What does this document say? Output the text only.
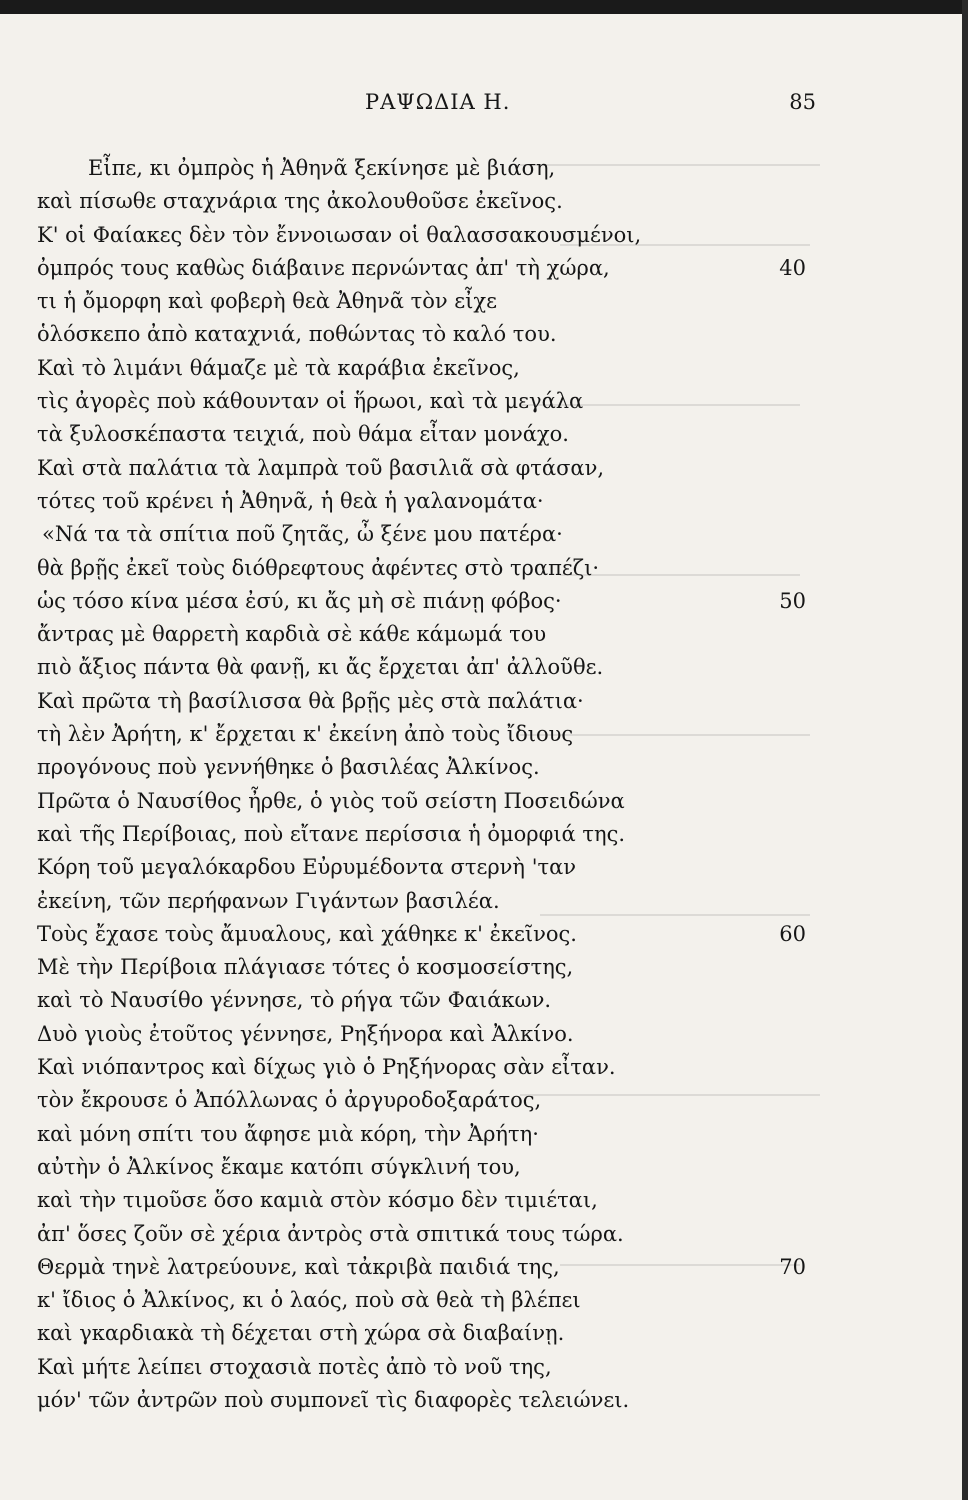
ΡΑΨΩΔΙΑ Η.	85
Εἶπε, κι ὀμπρὸς ἡ Ἀθηνᾶ ξεκίνησε μὲ βιάση,
καὶ πίσωθε σταχνάρια της ἀκολουθοῦσε ἐκεῖνος.
Κ' οἱ Φαίακες δὲν τὸν ἔννοιωσαν οἱ θαλασσακουσμένοι,
ὀμπρός τους καθὼς διάβαινε περνώντας ἀπ' τὴ χώρα,	40
τι ἡ ὄμορφη καὶ φοβερὴ θεὰ Ἀθηνᾶ τὸν εἶχε
ὁλόσκεπο ἀπὸ καταχνιά, ποθώντας τὸ καλό του.
Καὶ τὸ λιμάνι θάμαζε μὲ τὰ καράβια ἐκεῖνος,
τὶς ἀγορὲς ποὺ κάθουνταν οἱ ἥρωοι, καὶ τὰ μεγάλα
τὰ ξυλοσκέπαστα τειχιά, ποὺ θάμα εἶταν μονάχο.
Καὶ στὰ παλάτια τὰ λαμπρὰ τοῦ βασιλιᾶ σὰ φτάσαν,
τότες τοῦ κρένει ἡ Ἀθηνᾶ, ἡ θεὰ ἡ γαλανομάτα·
«Νά τα τὰ σπίτια ποῦ ζητᾶς, ὦ ξένε μου πατέρα·
θὰ βρῇς ἐκεῖ τοὺς διόθρεφτους ἀφέντες στὸ τραπέζι·
ὡς τόσο κίνα μέσα ἐσύ, κι ἄς μὴ σὲ πιάνῃ φόβος·	50
ἄντρας μὲ θαρρετὴ καρδιὰ σὲ κάθε κάμωμά του
πιὸ ἄξιος πάντα θὰ φανῇ, κι ἄς ἔρχεται ἀπ' ἀλλοῦθε.
Καὶ πρῶτα τὴ βασίλισσα θὰ βρῇς μὲς στὰ παλάτια·
τὴ λὲν Ἀρήτη, κ' ἔρχεται κ' ἐκείνη ἀπὸ τοὺς ἴδιους
προγόνους ποὺ γεννήθηκε ὁ βασιλέας Ἀλκίνος.
Πρῶτα ὁ Ναυσίθος ἦρθε, ὁ γιὸς τοῦ σείστη Ποσειδώνα
καὶ τῆς Περίβοιας, ποὺ εἴτανε περίσσια ἡ ὀμορφιά της.
Κόρη τοῦ μεγαλόκαρδου Εὐρυμέδοντα στερνὴ 'ταν
ἐκείνη, τῶν περήφανων Γιγάντων βασιλέα.
Τοὺς ἔχασε τοὺς ἄμυαλους, καὶ χάθηκε κ' ἐκεῖνος.	60
Μὲ τὴν Περίβοια πλάγιασε τότες ὁ κοσμοσείστης,
καὶ τὸ Ναυσίθο γέννησε, τὸ ρήγα τῶν Φαιάκων.
Δυὸ γιοὺς ἐτοῦτος γέννησε, Ρηξήνορα καὶ Ἀλκίνο.
Καὶ νιόπαντρος καὶ δίχως γιὸ ὁ Ρηξήνορας σὰν εἶταν.
τὸν ἔκρουσε ὁ Ἀπόλλωνας ὁ ἀργυροδοξαράτος,
καὶ μόνη σπίτι του ἄφησε μιὰ κόρη, τὴν Ἀρήτη·
αὐτὴν ὁ Ἀλκίνος ἔκαμε κατόπι σύγκλινή του,
καὶ τὴν τιμοῦσε ὅσο καμιὰ στὸν κόσμο δὲν τιμιέται,
ἀπ' ὅσες ζοῦν σὲ χέρια ἀντρὸς στὰ σπιτικά τους τώρα.
Θερμὰ τηνὲ λατρεύουνε, καὶ τἀκριβὰ παιδιά της,	70
κ' ἴδιος ὁ Ἀλκίνος, κι ὁ λαός, ποὺ σὰ θεὰ τὴ βλέπει
καὶ γκαρδιακὰ τὴ δέχεται στὴ χώρα σὰ διαβαίνῃ.
Καὶ μήτε λείπει στοχασιὰ ποτὲς ἀπὸ τὸ νοῦ της,
μόν' τῶν ἀντρῶν ποὺ συμπονεῖ τὶς διαφορὲς τελειώνει.
